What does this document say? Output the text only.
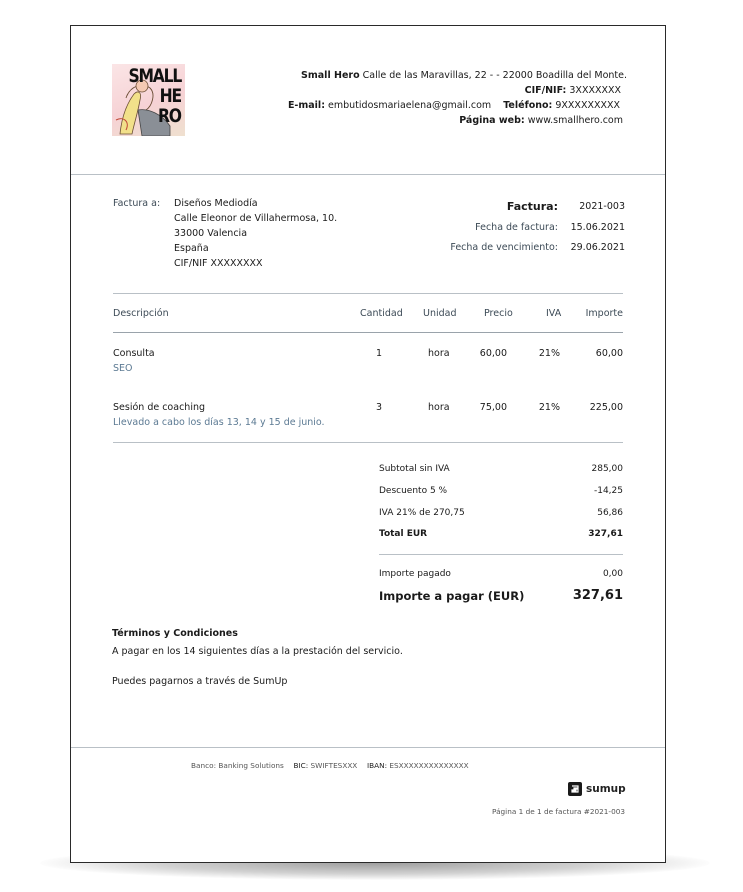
SMALL
HE
RO
Small Hero Calle de las Maravillas, 22 - - 22000 Boadilla del Monte.
CIF/NIF: 3XXXXXXX
E-mail: embutidosmariaelena@gmail.com Teléfono: 9XXXXXXXXX
Página web: www.smallhero.com
Factura a: Diseños Mediodía
Calle Eleonor de Villahermosa, 10.
33000 Valencia
España
CIF/NIF XXXXXXXX
Factura: 2021-003
Fecha de factura: 15.06.2021
Fecha de vencimiento: 29.06.2021
Descripción	Cantidad Unidad	Precio	IVA	Importe
Consulta
SEO
1	hora	60,00	21%	60,00
Sesión de coaching
Llevado a cabo los días 13, 14 y 15 de junio.
3	hora	75,00	21%	225,00
Subtotal sin IVA	285,00
Descuento 5 %	-14,25
IVA 21% de 270,75	56,86
Total EUR	327,61
Importe pagado	0,00
Importe a pagar (EUR)	327,61
Términos y Condiciones
A pagar en los 14 siguientes días a la prestación del servicio.
Puedes pagarnos a través de SumUp
Banco: Banking Solutions BIC: SWIFTESXXX IBAN: ESXXXXXXXXXXXXXX
sumup
Página 1 de 1 de factura #2021-003
